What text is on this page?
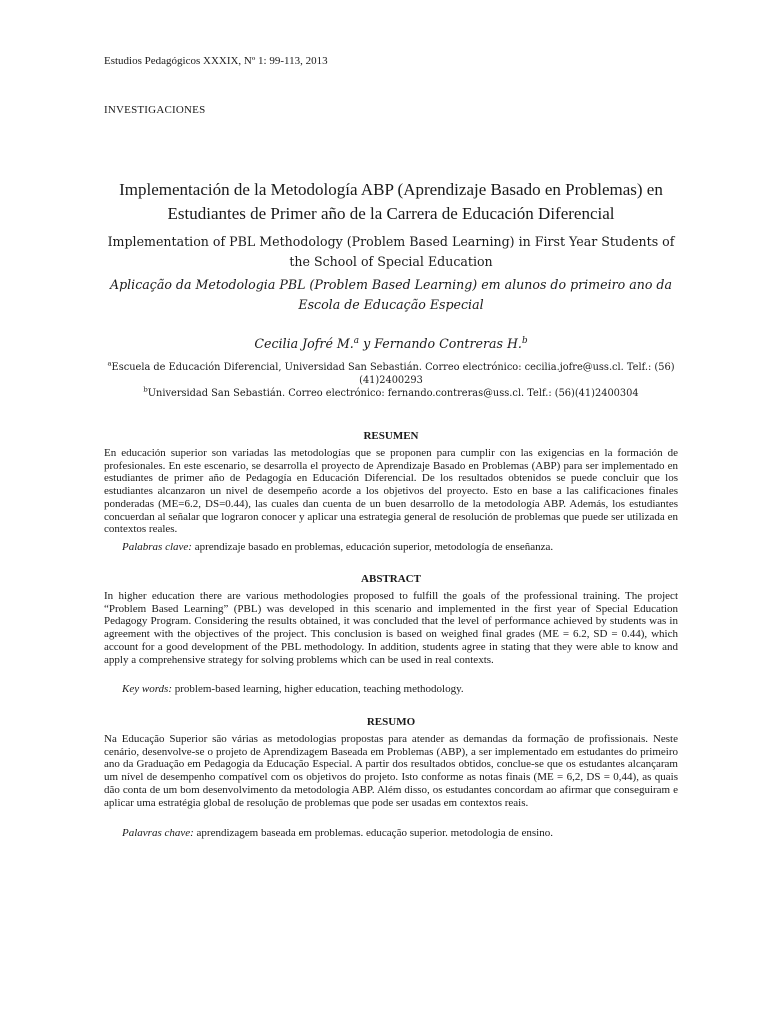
Estudios Pedagógicos XXXIX, Nº 1: 99-113, 2013
INVESTIGACIONES
Implementación de la Metodología ABP (Aprendizaje Basado en Problemas) en Estudiantes de Primer año de la Carrera de Educación Diferencial
Implementation of PBL Methodology (Problem Based Learning) in First Year Students of the School of Special Education
Aplicação da Metodologia PBL (Problem Based Learning) em alunos do primeiro ano da Escola de Educação Especial
Cecilia Jofré M.$^a$ y Fernando Contreras H.$^b$
$^a$Escuela de Educación Diferencial, Universidad San Sebastián. Correo electrónico: cecilia.jofre@uss.cl. Telf.: (56)(41)2400293
$^b$Universidad San Sebastián. Correo electrónico: fernando.contreras@uss.cl. Telf.: (56)(41)2400304
RESUMEN
En educación superior son variadas las metodologías que se proponen para cumplir con las exigencias en la formación de profesionales. En este escenario, se desarrolla el proyecto de Aprendizaje Basado en Problemas (ABP) para ser implementado en estudiantes de primer año de Pedagogía en Educación Diferencial. De los resultados obtenidos se puede concluir que los estudiantes alcanzaron un nivel de desempeño acorde a los objetivos del proyecto. Esto en base a las calificaciones finales ponderadas (ME=6.2, DS=0.44), las cuales dan cuenta de un buen desarrollo de la metodología ABP. Además, los estudiantes concuerdan al señalar que lograron conocer y aplicar una estrategia general de resolución de problemas que puede ser utilizada en contextos reales.
Palabras clave: aprendizaje basado en problemas, educación superior, metodología de enseñanza.
ABSTRACT
In higher education there are various methodologies proposed to fulfill the goals of the professional training. The project “Problem Based Learning” (PBL) was developed in this scenario and implemented in the first year of Special Education Pedagogy Program. Considering the results obtained, it was concluded that the level of performance achieved by students was in agreement with the objectives of the project. This conclusion is based on weighed final grades (ME = 6.2, SD = 0.44), which account for a good development of the PBL methodology. In addition, students agree in stating that they were able to know and apply a comprehensive strategy for solving problems which can be used in real contexts.
Key words: problem-based learning, higher education, teaching methodology.
RESUMO
Na Educação Superior são várias as metodologias propostas para atender as demandas da formação de profissionais. Neste cenário, desenvolve-se o projeto de Aprendizagem Baseada em Problemas (ABP), a ser implementado em estudantes do primeiro ano da Graduação em Pedagogia da Educação Especial. A partir dos resultados obtidos, conclue-se que os estudantes alcançaram um nível de desempenho compatível com os objetivos do projeto. Isto conforme as notas finais (ME = 6,2, DS = 0,44), as quais dão conta de um bom desenvolvimento da metodologia ABP. Além disso, os estudantes concordam ao afirmar que conseguiram e aplicar uma estratégia global de resolução de problemas que pode ser usadas em contextos reais.
Palavras chave: aprendizagem baseada em problemas. educação superior. metodologia de ensino.
